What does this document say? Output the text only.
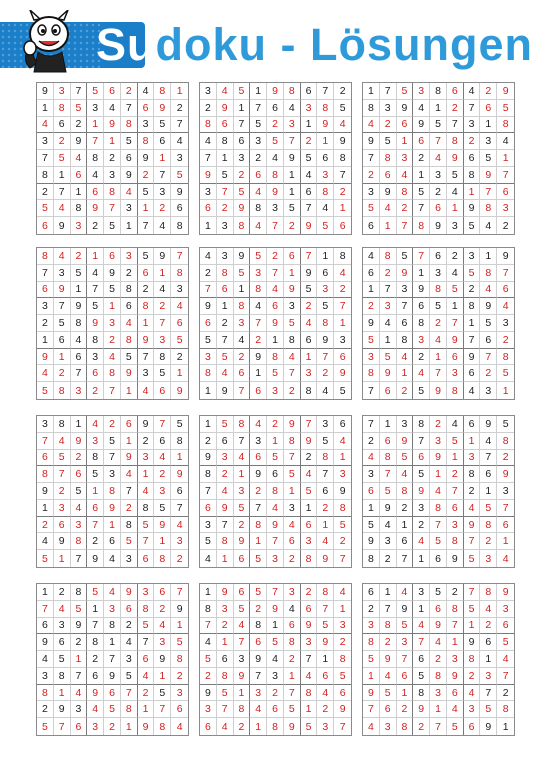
Sudoku - Lösungen
9	3	7	5	6	2	4	8	1
1	8	5	3	4	7	6	9	2
4	6	2	1	9	8	3	5	7
3	2	9	7	1	5	8	6	4
7	5	4	8	2	6	9	1	3
8	1	6	4	3	9	2	7	5
2	7	1	6	8	4	5	3	9
5	4	8	9	7	3	1	2	6
6	9	3	2	5	1	7	4	8
3	4	5	1	9	8	6	7	2
2	9	1	7	6	4	3	8	5
8	6	7	5	2	3	1	9	4
4	8	6	3	5	7	2	1	9
7	1	3	2	4	9	5	6	8
9	5	2	6	8	1	4	3	7
3	7	5	4	9	1	6	8	2
6	2	9	8	3	5	7	4	1
1	3	8	4	7	2	9	5	6
1	7	5	3	8	6	4	2	9
8	3	9	4	1	2	7	6	5
4	2	6	9	5	7	3	1	8
9	5	1	6	7	8	2	3	4
7	8	3	2	4	9	6	5	1
2	6	4	1	3	5	8	9	7
3	9	8	5	2	4	1	7	6
5	4	2	7	6	1	9	8	3
6	1	7	8	9	3	5	4	2
8	4	2	1	6	3	5	9	7
7	3	5	4	9	2	6	1	8
6	9	1	7	5	8	2	4	3
3	7	9	5	1	6	8	2	4
2	5	8	9	3	4	1	7	6
1	6	4	8	2	8	9	3	5
9	1	6	3	4	5	7	8	2
4	2	7	6	8	9	3	5	1
5	8	3	2	7	1	4	6	9
4	3	9	5	2	6	7	1	8
2	8	5	3	7	1	9	6	4
7	6	1	8	4	9	5	3	2
9	1	8	4	6	3	2	5	7
6	2	3	7	9	5	4	8	1
5	7	4	2	1	8	6	9	3
3	5	2	9	8	4	1	7	6
8	4	6	1	5	7	3	2	9
1	9	7	6	3	2	8	4	5
4	8	5	7	6	2	3	1	9
6	2	9	1	3	4	5	8	7
1	7	3	9	8	5	2	4	6
2	3	7	6	5	1	8	9	4
9	4	6	8	2	7	1	5	3
5	1	8	3	4	9	7	6	2
3	5	4	2	1	6	9	7	8
8	9	1	4	7	3	6	2	5
7	6	2	5	9	8	4	3	1
3	8	1	4	2	6	9	7	5
7	4	9	3	5	1	2	6	8
6	5	2	8	7	9	3	4	1
8	7	6	5	3	4	1	2	9
9	2	5	1	8	7	4	3	6
1	3	4	6	9	2	8	5	7
2	6	3	7	1	8	5	9	4
4	9	8	2	6	5	7	1	3
5	1	7	9	4	3	6	8	2
1	5	8	4	2	9	7	3	6
2	6	7	3	1	8	9	5	4
9	3	4	6	5	7	2	8	1
8	2	1	9	6	5	4	7	3
7	4	3	2	8	1	5	6	9
6	9	5	7	4	3	1	2	8
3	7	2	8	9	4	6	1	5
5	8	9	1	7	6	3	4	2
4	1	6	5	3	2	8	9	7
7	1	3	8	2	4	6	9	5
2	6	9	7	3	5	1	4	8
4	8	5	6	9	1	3	7	2
3	7	4	5	1	2	8	6	9
6	5	8	9	4	7	2	1	3
1	9	2	3	8	6	4	5	7
5	4	1	2	7	3	9	8	6
9	3	6	4	5	8	7	2	1
8	2	7	1	6	9	5	3	4
1	2	8	5	4	9	3	6	7
7	4	5	1	3	6	8	2	9
6	3	9	7	8	2	5	4	1
9	6	2	8	1	4	7	3	5
4	5	1	2	7	3	6	9	8
3	8	7	6	9	5	4	1	2
8	1	4	9	6	7	2	5	3
2	9	3	4	5	8	1	7	6
5	7	6	3	2	1	9	8	4
1	9	6	5	7	3	2	8	4
8	3	5	2	9	4	6	7	1
7	2	4	8	1	6	9	5	3
4	1	7	6	5	8	3	9	2
5	6	3	9	4	2	7	1	8
2	8	9	7	3	1	4	6	5
9	5	1	3	2	7	8	4	6
3	7	8	4	6	5	1	2	9
6	4	2	1	8	9	5	3	7
6	1	4	3	5	2	7	8	9
2	7	9	1	6	8	5	4	3
3	8	5	4	9	7	1	2	6
8	2	3	7	4	1	9	6	5
5	9	7	6	2	3	8	1	4
1	4	6	5	8	9	2	3	7
9	5	1	8	3	6	4	7	2
7	6	2	9	1	4	3	5	8
4	3	8	2	7	5	6	9	1
